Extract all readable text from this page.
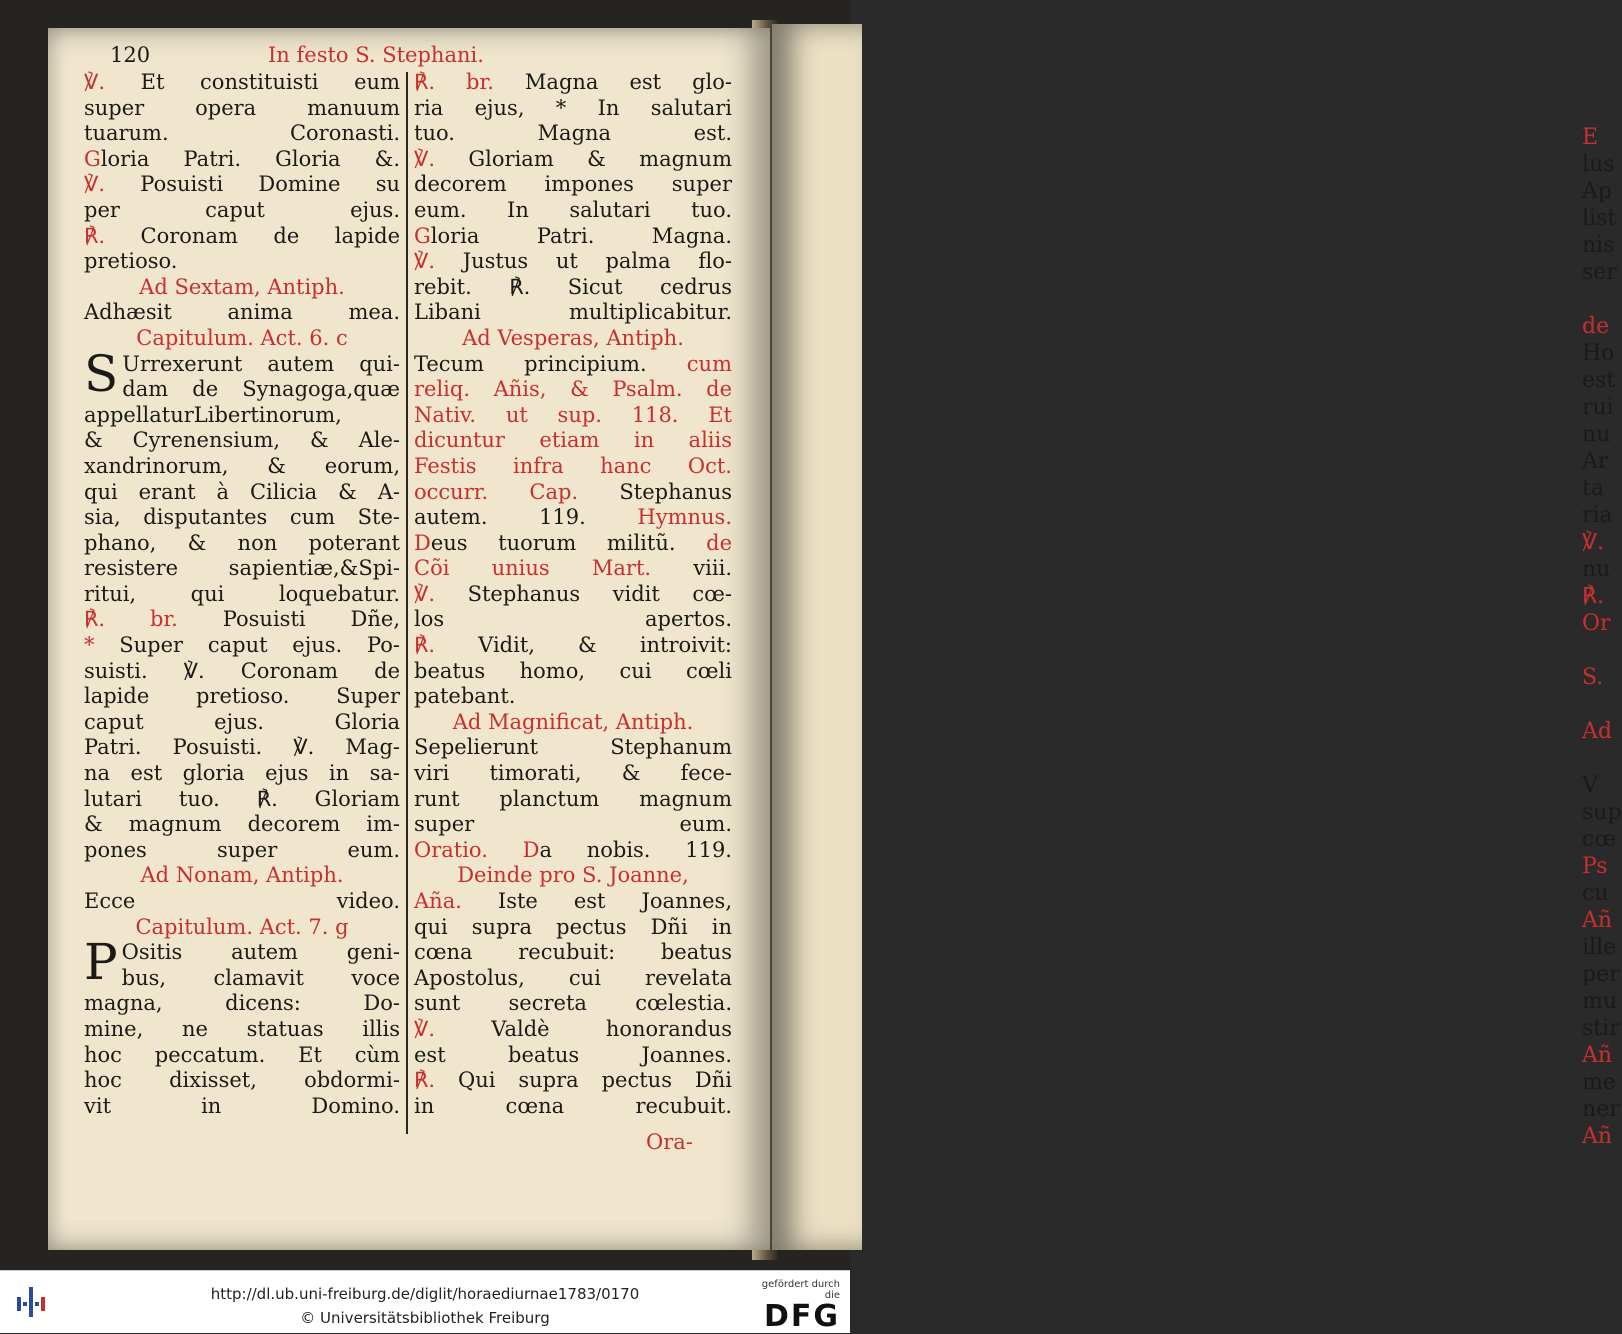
E
lus
Ap
list
nis
ser
de
Ho
est
rui
nu
Ar
ta
ria
℣.
nu
℟.
Or
S.
Ad
V
sup
cœ
Ps
cu
Añ
ille
per
mu
stir
Añ
me
ner
Añ
120	In festo S. Stephani.
℣. Et constituisti eum
super opera manuum
tuarum. Coronasti.
Gloria Patri. Gloria &.
℣. Posuisti Domine su
per caput ejus.
℟. Coronam de lapide
pretioso.
Ad Sextam, Antiph.
Adhæsit anima mea.
Capitulum. Act. 6. c
S Urrexerunt autem qui-
dam de Synagoga,quæ
appellaturLibertinorum,
& Cyrenensium, & Ale-
xandrinorum, & eorum,
qui erant à Cilicia & A-
sia, disputantes cum Ste-
phano, & non poterant
resistere sapientiæ,&Spi-
ritui, qui loquebatur.
℟. br. Posuisti Dñe,
* Super caput ejus. Po-
suisti. ℣. Coronam de
lapide pretioso. Super
caput ejus. Gloria
Patri. Posuisti. ℣. Mag-
na est gloria ejus in sa-
lutari tuo. ℟. Gloriam
& magnum decorem im-
pones super eum.
Ad Nonam, Antiph.
Ecce video.
Capitulum. Act. 7. g
P Ositis autem geni-
bus, clamavit voce
magna, dicens: Do-
mine, ne statuas illis
hoc peccatum. Et cùm
hoc dixisset, obdormi-
vit in Domino.
℟. br. Magna est glo-
ria ejus, * In salutari
tuo. Magna est.
℣. Gloriam & magnum
decorem impones super
eum. In salutari tuo.
Gloria Patri. Magna.
℣. Justus ut palma flo-
rebit. ℟. Sicut cedrus
Libani multiplicabitur.
Ad Vesperas, Antiph.
Tecum principium. cum
reliq. Añis, & Psalm. de
Nativ. ut sup. 118. Et
dicuntur etiam in aliis
Festis infra hanc Oct.
occurr. Cap. Stephanus
autem. 119. Hymnus.
Deus tuorum militũ. de
Cõi unius Mart. viii.
℣. Stephanus vidit cœ-
los apertos.
℟. Vidit, & introivit:
beatus homo, cui cœli
patebant.
Ad Magnificat, Antiph.
Sepelierunt Stephanum
viri timorati, & fece-
runt planctum magnum
super eum.
Oratio. Da nobis. 119.
Deinde pro S. Joanne,
Aña. Iste est Joannes,
qui supra pectus Dñi in
cœna recubuit: beatus
Apostolus, cui revelata
sunt secreta cœlestia.
℣. Valdè honorandus
est beatus Joannes.
℟. Qui supra pectus Dñi
in cœna recubuit.
Ora-
http://dl.ub.uni-freiburg.de/diglit/horaediurnae1783/0170
© Universitätsbibliothek Freiburg
gefördert durch die
DFG
